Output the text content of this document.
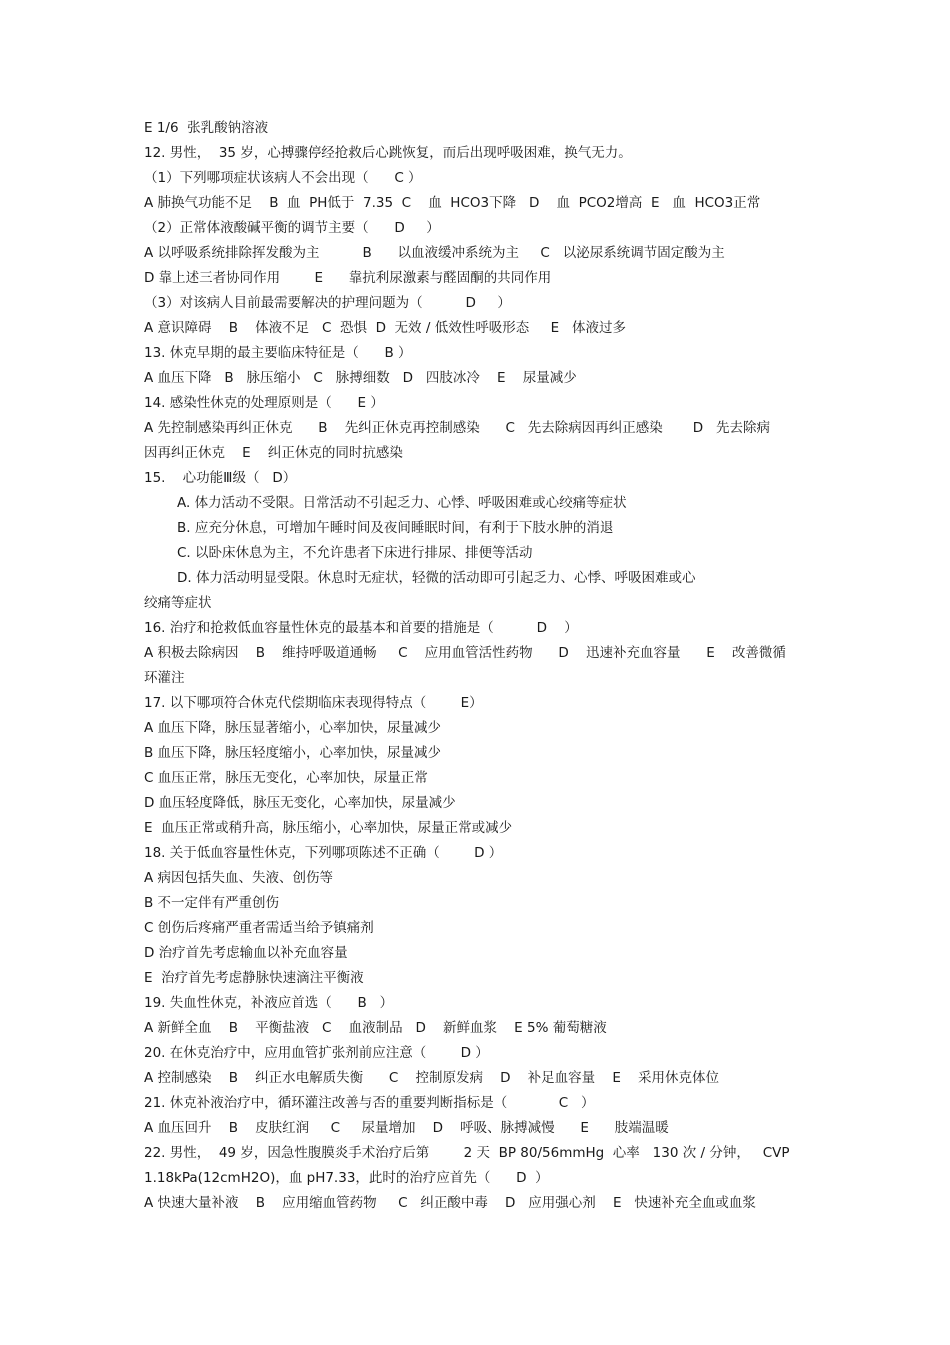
E 1/6  张乳酸钠溶液
12. 男性，  35 岁，心搏骤停经抢救后心跳恢复，而后出现呼吸困难，换气无力。
（1）下列哪项症状该病人不会出现（      C ）
A 肺换气功能不足    B  血  PH低于  7.35  C    血  HCO3下降   D    血  PCO2增高  E   血  HCO3正常
（2）正常体液酸碱平衡的调节主要（      D     ）
A 以呼吸系统排除挥发酸为主          B      以血液缓冲系统为主     C   以泌尿系统调节固定酸为主
D 靠上述三者协同作用        E      靠抗利尿激素与醛固酮的共同作用
（3）对该病人目前最需要解决的护理问题为（          D     ）
A 意识障碍    B    体液不足   C  恐惧  D  无效 / 低效性呼吸形态     E   体液过多
13. 休克早期的最主要临床特征是（      B ）
A 血压下降   B   脉压缩小   C   脉搏细数   D   四肢冰冷    E    尿量减少
14. 感染性休克的处理原则是（      E ）
A 先控制感染再纠正休克      B    先纠正休克再控制感染      C   先去除病因再纠正感染       D   先去除病
因再纠正休克    E    纠正休克的同时抗感染
15.    心功能Ⅲ级（   D）
A. 体力活动不受限。日常活动不引起乏力、心悸、呼吸困难或心绞痛等症状
B. 应充分休息，可增加午睡时间及夜间睡眠时间，有利于下肢水肿的消退
C. 以卧床休息为主，不允许患者下床进行排尿、排便等活动
D. 体力活动明显受限。休息时无症状，轻微的活动即可引起乏力、心悸、呼吸困难或心
绞痛等症状
16. 治疗和抢救低血容量性休克的最基本和首要的措施是（          D    ）
A 积极去除病因    B    维持呼吸道通畅     C    应用血管活性药物      D    迅速补充血容量      E    改善微循
环灌注
17. 以下哪项符合休克代偿期临床表现得特点（        E）
A 血压下降，脉压显著缩小，心率加快，尿量减少
B 血压下降，脉压轻度缩小，心率加快，尿量减少
C 血压正常，脉压无变化，心率加快，尿量正常
D 血压轻度降低，脉压无变化，心率加快，尿量减少
E  血压正常或稍升高，脉压缩小，心率加快，尿量正常或减少
18. 关于低血容量性休克，下列哪项陈述不正确（        D ）
A 病因包括失血、失液、创伤等
B 不一定伴有严重创伤
C 创伤后疼痛严重者需适当给予镇痛剂
D 治疗首先考虑输血以补充血容量
E  治疗首先考虑静脉快速滴注平衡液
19. 失血性休克，补液应首选（      B   ）
A 新鲜全血    B    平衡盐液   C    血液制品   D    新鲜血浆    E 5% 葡萄糖液
20. 在休克治疗中，应用血管扩张剂前应注意（        D ）
A 控制感染    B    纠正水电解质失衡      C    控制原发病    D    补足血容量    E    采用休克体位
21. 休克补液治疗中，循环灌注改善与否的重要判断指标是（            C   ）
A 血压回升    B    皮肤红润     C     尿量增加    D    呼吸、脉搏减慢      E      肢端温暖
22. 男性，  49 岁，因急性腹膜炎手术治疗后第        2 天  BP 80/56mmHg  心率   130 次 / 分钟，   CVP
1.18kPa(12cmH2O)，血 pH7.33，此时的治疗应首先（      D  ）
A 快速大量补液    B    应用缩血管药物     C   纠正酸中毒    D   应用强心剂    E   快速补充全血或血浆
